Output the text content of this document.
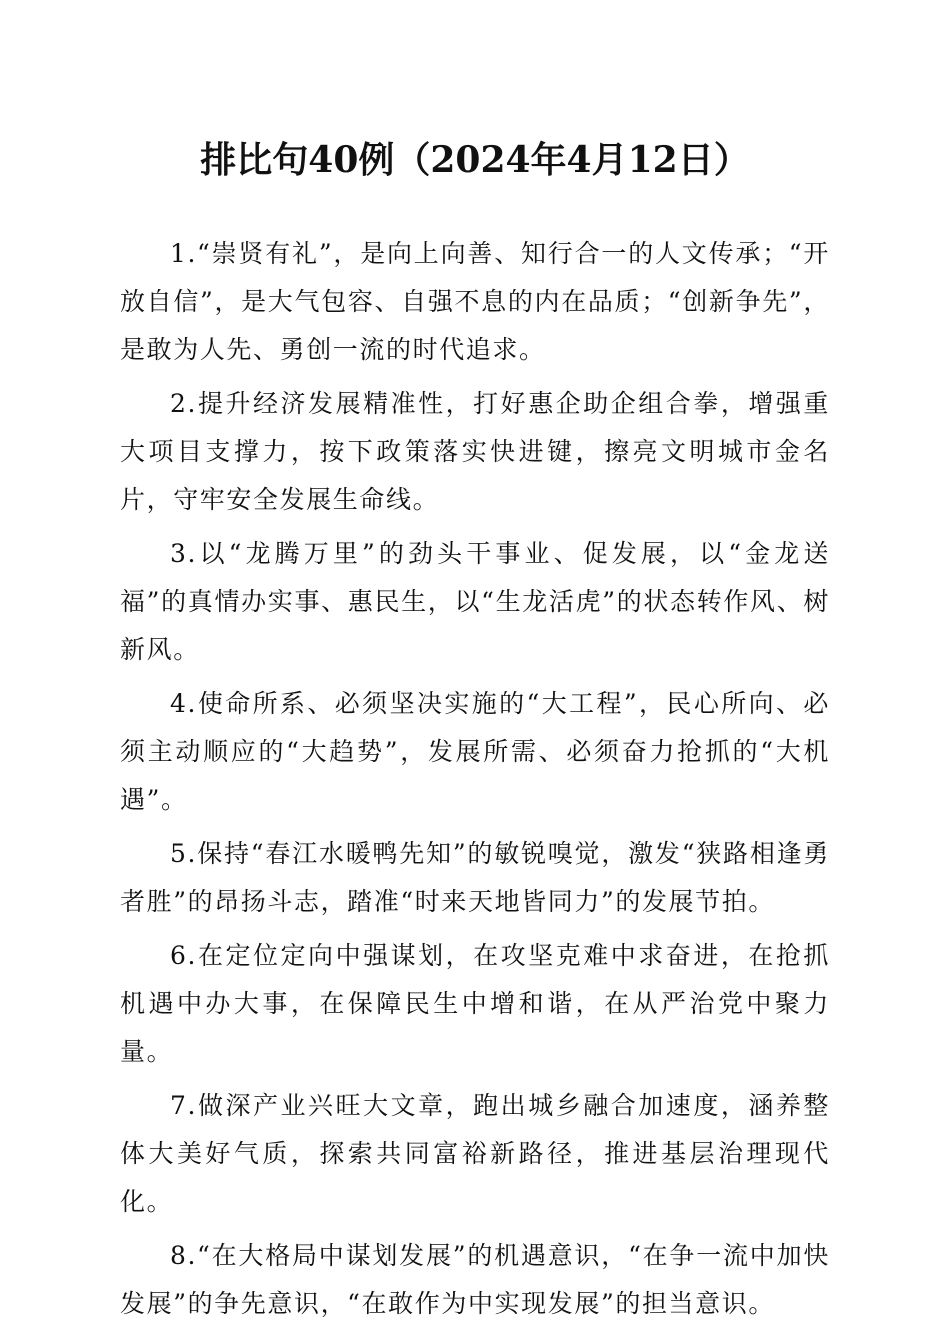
排比句40例（2024年4月12日）

1.“崇贤有礼”，是向上向善、知行合一的人文传承；“开放自信”，是大气包容、自强不息的内在品质；“创新争先”，是敢为人先、勇创一流的时代追求。

2.提升经济发展精准性，打好惠企助企组合拳，增强重大项目支撑力，按下政策落实快进键，擦亮文明城市金名片，守牢安全发展生命线。

3.以“龙腾万里”的劲头干事业、促发展，以“金龙送福”的真情办实事、惠民生，以“生龙活虎”的状态转作风、树新风。

4.使命所系、必须坚决实施的“大工程”，民心所向、必须主动顺应的“大趋势”，发展所需、必须奋力抢抓的“大机遇”。

5.保持“春江水暖鸭先知”的敏锐嗅觉，激发“狭路相逢勇者胜”的昂扬斗志，踏准“时来天地皆同力”的发展节拍。

6.在定位定向中强谋划，在攻坚克难中求奋进，在抢抓机遇中办大事，在保障民生中增和谐，在从严治党中聚力量。

7.做深产业兴旺大文章，跑出城乡融合加速度，涵养整体大美好气质，探索共同富裕新路径，推进基层治理现代化。

8.“在大格局中谋划发展”的机遇意识，“在争一流中加快发展”的争先意识，“在敢作为中实现发展”的担当意识。
